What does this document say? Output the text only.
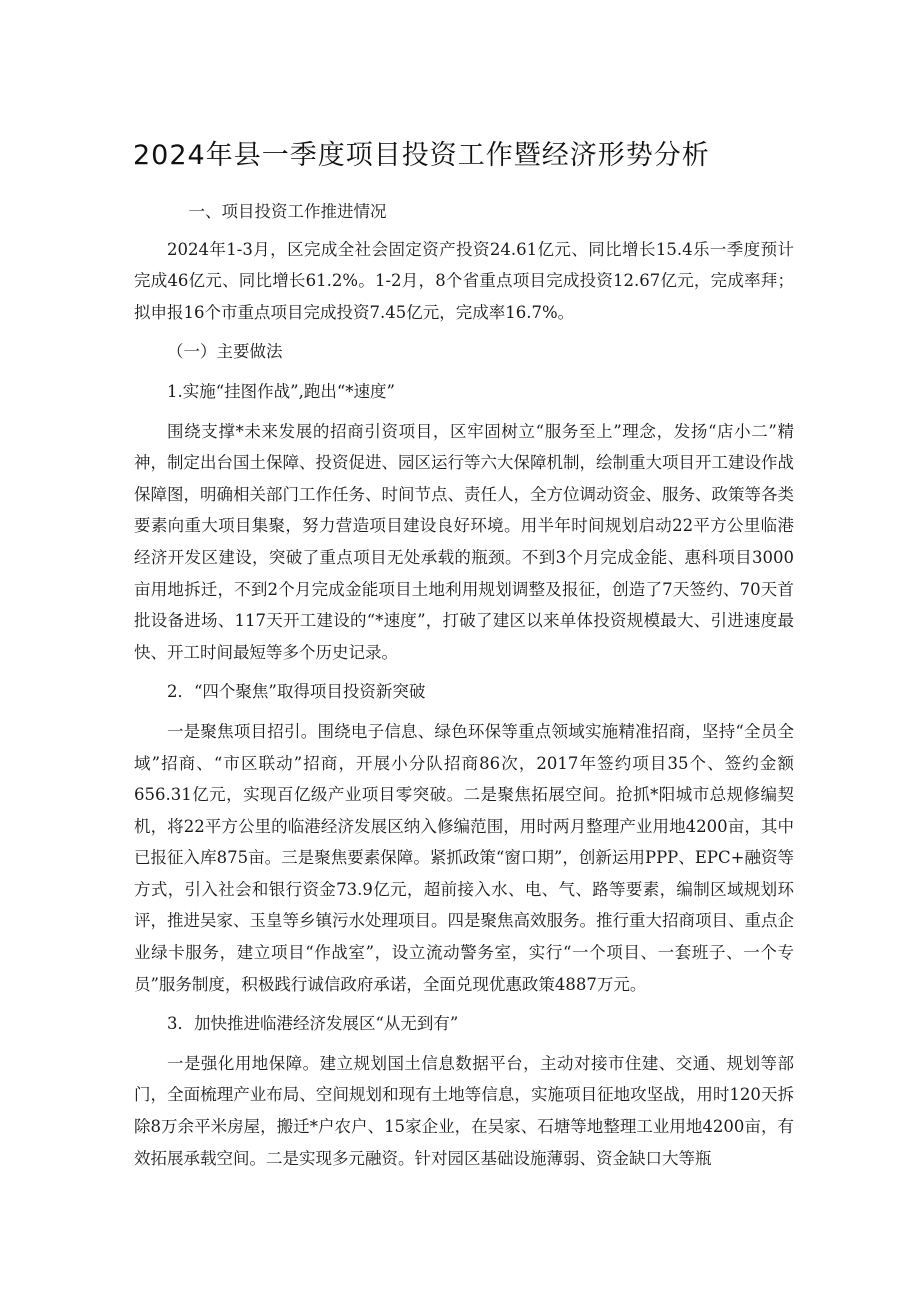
2024年县一季度项目投资工作暨经济形势分析

一、项目投资工作推进情况

2024年1-3月，区完成全社会固定资产投资24.61亿元、同比增长15.4乐一季度预计完成46亿元、同比增长61.2%。1-2月，8个省重点项目完成投资12.67亿元，完成率拜；拟申报16个市重点项目完成投资7.45亿元，完成率16.7%。

（一）主要做法

1.实施“挂图作战”,跑出“*速度”

围绕支撑*未来发展的招商引资项目，区牢固树立“服务至上”理念，发扬“店小二”精神，制定出台国土保障、投资促进、园区运行等六大保障机制，绘制重大项目开工建设作战保障图，明确相关部门工作任务、时间节点、责任人，全方位调动资金、服务、政策等各类要素向重大项目集聚，努力营造项目建设良好环境。用半年时间规划启动22平方公里临港经济开发区建设，突破了重点项目无处承载的瓶颈。不到3个月完成金能、惠科项目3000亩用地拆迁，不到2个月完成金能项目土地利用规划调整及报征，创造了7天签约、70天首批设备进场、117天开工建设的“*速度”，打破了建区以来单体投资规模最大、引进速度最快、开工时间最短等多个历史记录。

2．“四个聚焦”取得项目投资新突破

一是聚焦项目招引。围绕电子信息、绿色环保等重点领域实施精准招商，坚持“全员全域”招商、“市区联动”招商，开展小分队招商86次，2017年签约项目35个、签约金额656.31亿元，实现百亿级产业项目零突破。二是聚焦拓展空间。抢抓*阳城市总规修编契机，将22平方公里的临港经济发展区纳入修编范围，用时两月整理产业用地4200亩，其中已报征入库875亩。三是聚焦要素保障。紧抓政策“窗口期”，创新运用PPP、EPC+融资等方式，引入社会和银行资金73.9亿元，超前接入水、电、气、路等要素，编制区域规划环评，推进吴家、玉皇等乡镇污水处理项目。四是聚焦高效服务。推行重大招商项目、重点企业绿卡服务，建立项目“作战室”，设立流动警务室，实行“一个项目、一套班子、一个专员”服务制度，积极践行诚信政府承诺，全面兑现优惠政策4887万元。

3．加快推进临港经济发展区“从无到有”

一是强化用地保障。建立规划国土信息数据平台，主动对接市住建、交通、规划等部门，全面梳理产业布局、空间规划和现有土地等信息，实施项目征地攻坚战，用时120天拆除8万余平米房屋，搬迁*户农户、15家企业，在吴家、石塘等地整理工业用地4200亩，有效拓展承载空间。二是实现多元融资。针对园区基础设施薄弱、资金缺口大等瓶
